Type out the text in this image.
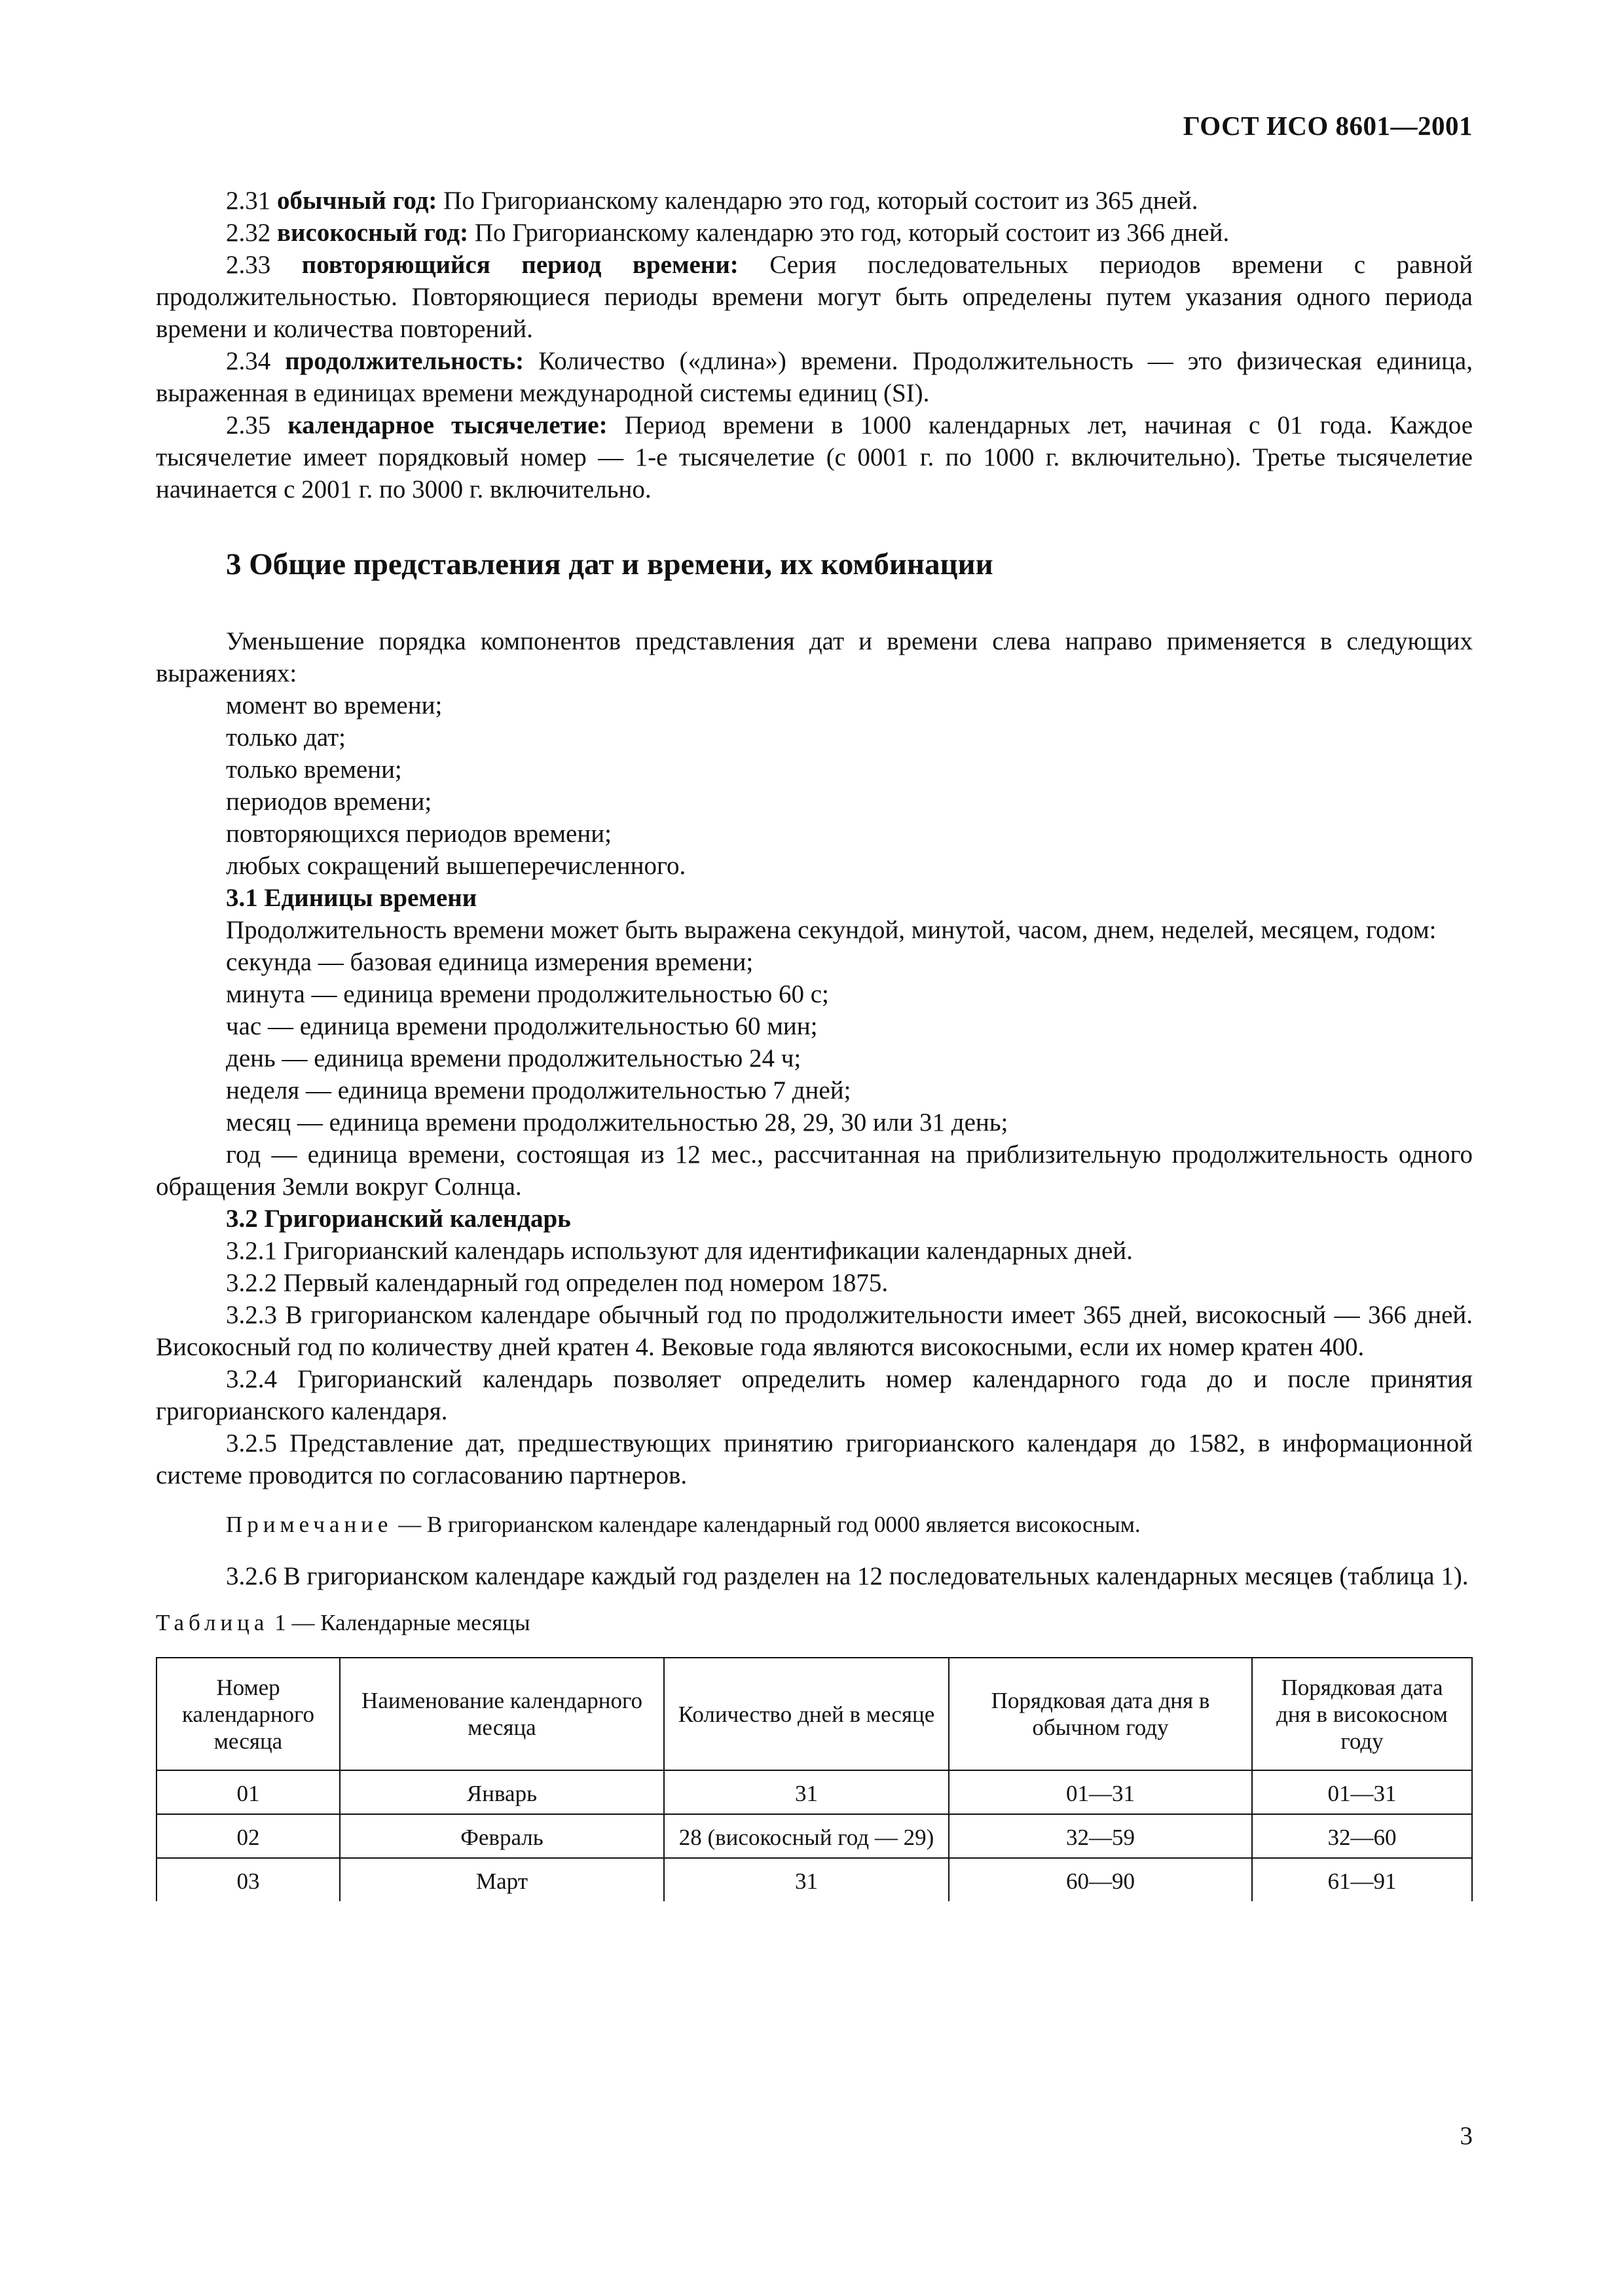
ГОСТ ИСО 8601—2001

2.31 обычный год: По Григорианскому календарю это год, который состоит из 365 дней.

2.32 високосный год: По Григорианскому календарю это год, который состоит из 366 дней.

2.33 повторяющийся период времени: Серия последовательных периодов времени с равной продолжительностью. Повторяющиеся периоды времени могут быть определены путем указания одного периода времени и количества повторений.

2.34 продолжительность: Количество («длина») времени. Продолжительность — это физическая единица, выраженная в единицах времени международной системы единиц (SI).

2.35 календарное тысячелетие: Период времени в 1000 календарных лет, начиная с 01 года. Каждое тысячелетие имеет порядковый номер — 1-е тысячелетие (с 0001 г. по 1000 г. включительно). Третье тысячелетие начинается с 2001 г. по 3000 г. включительно.

3 Общие представления дат и времени, их комбинации

Уменьшение порядка компонентов представления дат и времени слева направо применяется в следующих выражениях:

момент во времени;

только дат;

только времени;

периодов времени;

повторяющихся периодов времени;

любых сокращений вышеперечисленного.

3.1 Единицы времени

Продолжительность времени может быть выражена секундой, минутой, часом, днем, неделей, месяцем, годом:

секунда — базовая единица измерения времени;

минута — единица времени продолжительностью 60 с;

час — единица времени продолжительностью 60 мин;

день — единица времени продолжительностью 24 ч;

неделя — единица времени продолжительностью 7 дней;

месяц — единица времени продолжительностью 28, 29, 30 или 31 день;

год — единица времени, состоящая из 12 мес., рассчитанная на приблизительную продолжительность одного обращения Земли вокруг Солнца.

3.2 Григорианский календарь

3.2.1 Григорианский календарь используют для идентификации календарных дней.

3.2.2 Первый календарный год определен под номером 1875.

3.2.3 В григорианском календаре обычный год по продолжительности имеет 365 дней, високосный — 366 дней. Високосный год по количеству дней кратен 4. Вековые года являются високосными, если их номер кратен 400.

3.2.4 Григорианский календарь позволяет определить номер календарного года до и после принятия григорианского календаря.

3.2.5 Представление дат, предшествующих принятию григорианского календаря до 1582, в информационной системе проводится по согласованию партнеров.

Примечание — В григорианском календаре календарный год 0000 является високосным.

3.2.6 В григорианском календаре каждый год разделен на 12 последовательных календарных месяцев (таблица 1).

Таблица 1 — Календарные месяцы

Номер календарного месяца	Наименование календарного месяца	Количество дней в месяце	Порядковая дата дня в обычном году	Порядковая дата дня в високосном году
01	Январь	31	01—31	01—31
02	Февраль	28 (високосный год — 29)	32—59	32—60
03	Март	31	60—90	61—91
3
